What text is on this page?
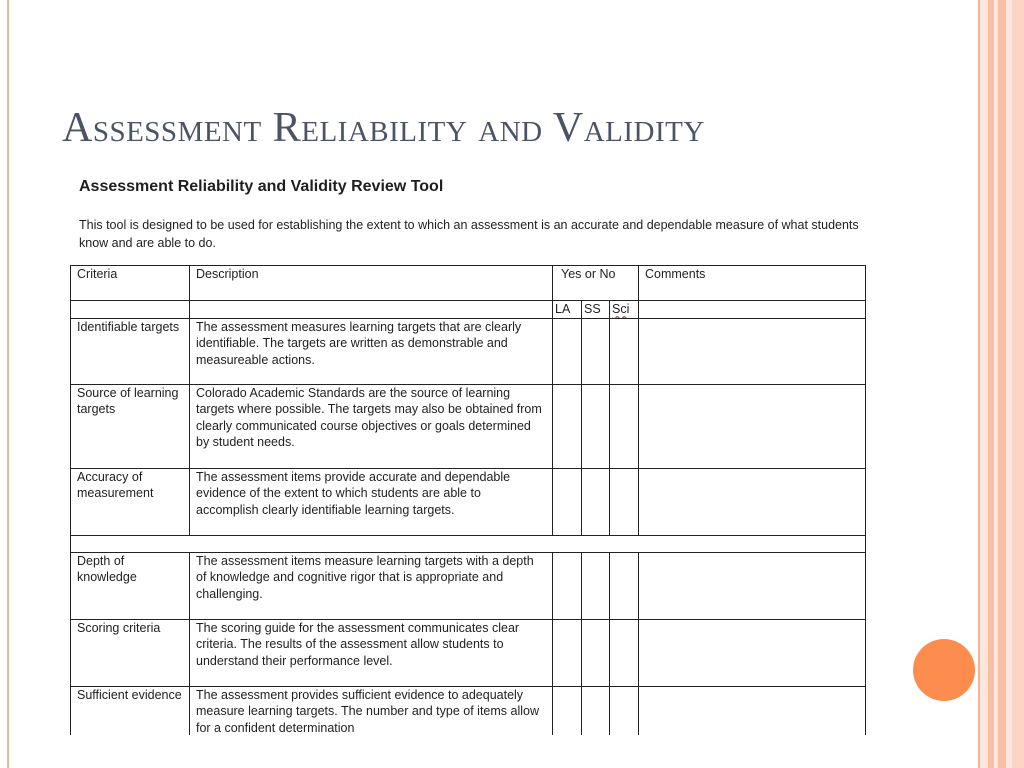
Assessment Reliability and Validity
Assessment Reliability and Validity Review Tool

This tool is designed to be used for establishing the extent to which an assessment is an accurate and dependable measure of what students know and are able to do.

Criteria	Description	Yes or No			Comments
		LA	SS	Sci	
Identifiable targets	The assessment measures learning targets that are clearly identifiable. The targets are written as demonstrable and measureable actions.				
Source of learning targets	Colorado Academic Standards are the source of learning targets where possible. The targets may also be obtained from clearly communicated course objectives or goals determined by student needs.				
Accuracy of measurement	The assessment items provide accurate and dependable evidence of the extent to which students are able to accomplish clearly identifiable learning targets.				

Depth of knowledge	The assessment items measure learning targets with a depth of knowledge and cognitive rigor that is appropriate and challenging.				
Scoring criteria	The scoring guide for the assessment communicates clear criteria. The results of the assessment allow students to understand their performance level.				
Sufficient evidence	The assessment provides sufficient evidence to adequately measure learning targets. The number and type of items allow for a confident determination				
